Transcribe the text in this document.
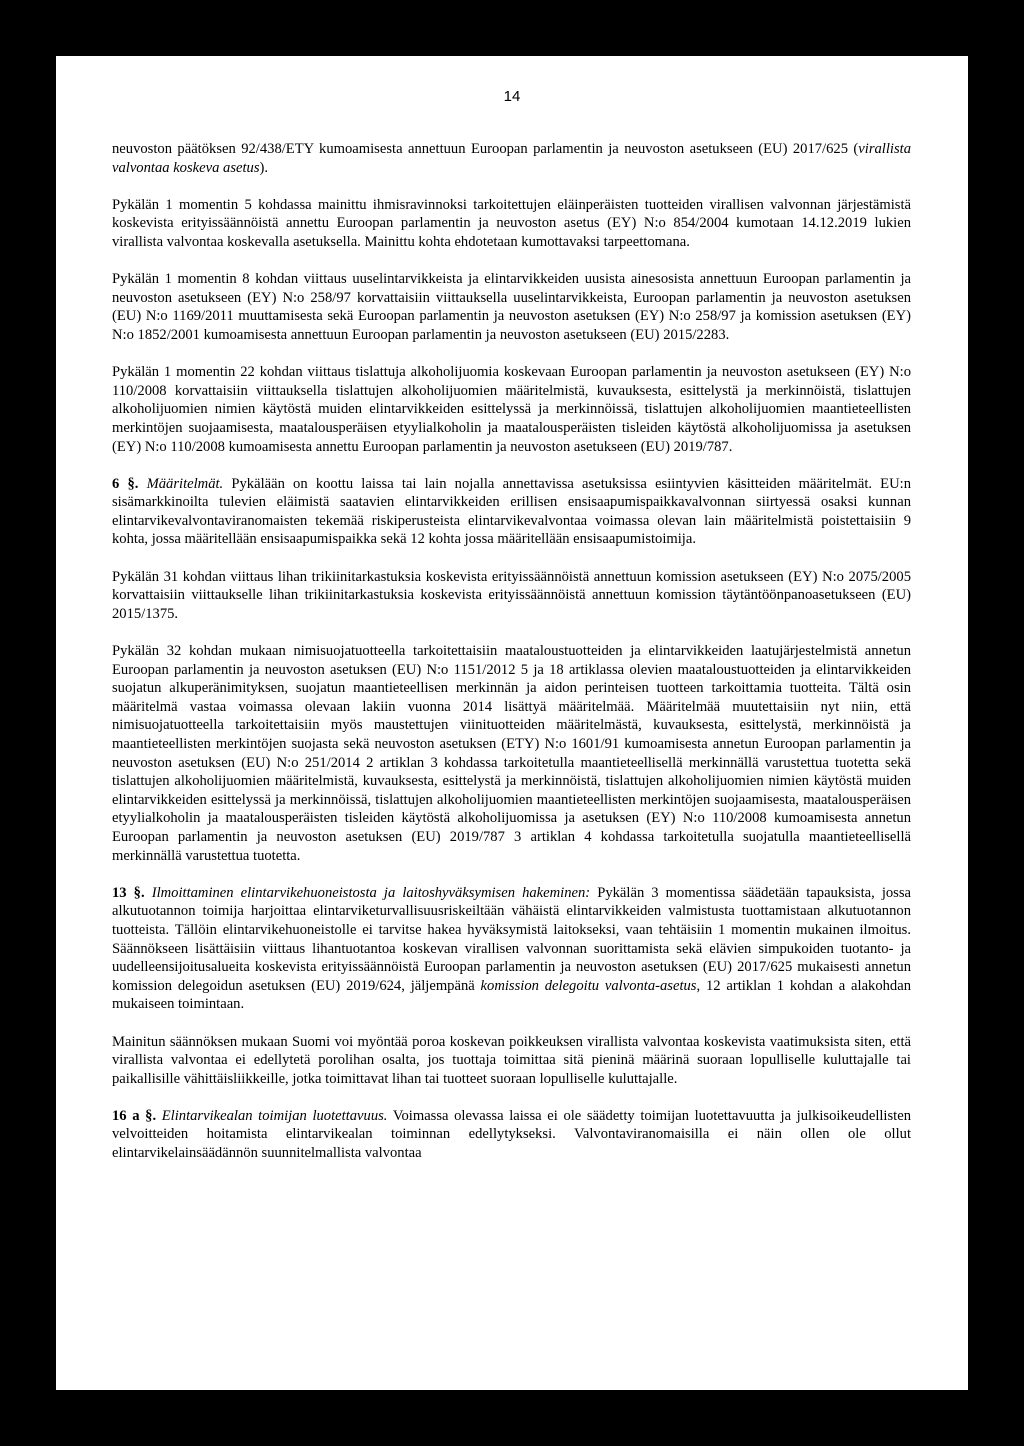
14

neuvoston päätöksen 92/438/ETY kumoamisesta annettuun Euroopan parlamentin ja neuvoston asetukseen (EU) 2017/625 (virallista valvontaa koskeva asetus).

Pykälän 1 momentin 5 kohdassa mainittu ihmisravinnoksi tarkoitettujen eläinperäisten tuotteiden virallisen valvonnan järjestämistä koskevista erityissäännöistä annettu Euroopan parlamentin ja neuvoston asetus (EY) N:o 854/2004 kumotaan 14.12.2019 lukien virallista valvontaa koskevalla asetuksella. Mainittu kohta ehdotetaan kumottavaksi tarpeettomana.

Pykälän 1 momentin 8 kohdan viittaus uuselintarvikkeista ja elintarvikkeiden uusista ainesosista annettuun Euroopan parlamentin ja neuvoston asetukseen (EY) N:o 258/97 korvattaisiin viittauksella uuselintarvikkeista, Euroopan parlamentin ja neuvoston asetuksen (EU) N:o 1169/2011 muuttamisesta sekä Euroopan parlamentin ja neuvoston asetuksen (EY) N:o 258/97 ja komission asetuksen (EY) N:o 1852/2001 kumoamisesta annettuun Euroopan parlamentin ja neuvoston asetukseen (EU) 2015/2283.

Pykälän 1 momentin 22 kohdan viittaus tislattuja alkoholijuomia koskevaan Euroopan parlamentin ja neuvoston asetukseen (EY) N:o 110/2008 korvattaisiin viittauksella tislattujen alkoholijuomien määritelmistä, kuvauksesta, esittelystä ja merkinnöistä, tislattujen alkoholijuomien nimien käytöstä muiden elintarvikkeiden esittelyssä ja merkinnöissä, tislattujen alkoholijuomien maantieteellisten merkintöjen suojaamisesta, maatalousperäisen etyylialkoholin ja maatalousperäisten tisleiden käytöstä alkoholijuomissa ja asetuksen (EY) N:o 110/2008 kumoamisesta annettu Euroopan parlamentin ja neuvoston asetukseen (EU) 2019/787.

6 §. Määritelmät. Pykälään on koottu laissa tai lain nojalla annettavissa asetuksissa esiintyvien käsitteiden määritelmät. EU:n sisämarkkinoilta tulevien eläimistä saatavien elintarvikkeiden erillisen ensisaapumispaikkavalvonnan siirtyessä osaksi kunnan elintarvikevalvontaviranomaisten tekemää riskiperusteista elintarvikevalvontaa voimassa olevan lain määritelmistä poistettaisiin 9 kohta, jossa määritellään ensisaapumispaikka sekä 12 kohta jossa määritellään ensisaapumistoimija.

Pykälän 31 kohdan viittaus lihan trikiinitarkastuksia koskevista erityissäännöistä annettuun komission asetukseen (EY) N:o 2075/2005 korvattaisiin viittaukselle lihan trikiinitarkastuksia koskevista erityissäännöistä annettuun komission täytäntöönpanoasetukseen (EU) 2015/1375.

Pykälän 32 kohdan mukaan nimisuojatuotteella tarkoitettaisiin maataloustuotteiden ja elintarvikkeiden laatujärjestelmistä annetun Euroopan parlamentin ja neuvoston asetuksen (EU) N:o 1151/2012 5 ja 18 artiklassa olevien maataloustuotteiden ja elintarvikkeiden suojatun alkuperänimityksen, suojatun maantieteellisen merkinnän ja aidon perinteisen tuotteen tarkoittamia tuotteita. Tältä osin määritelmä vastaa voimassa olevaan lakiin vuonna 2014 lisättyä määritelmää. Määritelmää muutettaisiin nyt niin, että nimisuojatuotteella tarkoitettaisiin myös maustettujen viinituotteiden määritelmästä, kuvauksesta, esittelystä, merkinnöistä ja maantieteellisten merkintöjen suojasta sekä neuvoston asetuksen (ETY) N:o 1601/91 kumoamisesta annetun Euroopan parlamentin ja neuvoston asetuksen (EU) N:o 251/2014 2 artiklan 3 kohdassa tarkoitetulla maantieteellisellä merkinnällä varustettua tuotetta sekä tislattujen alkoholijuomien määritelmistä, kuvauksesta, esittelystä ja merkinnöistä, tislattujen alkoholijuomien nimien käytöstä muiden elintarvikkeiden esittelyssä ja merkinnöissä, tislattujen alkoholijuomien maantieteellisten merkintöjen suojaamisesta, maatalousperäisen etyylialkoholin ja maatalousperäisten tisleiden käytöstä alkoholijuomissa ja asetuksen (EY) N:o 110/2008 kumoamisesta annetun Euroopan parlamentin ja neuvoston asetuksen (EU) 2019/787 3 artiklan 4 kohdassa tarkoitetulla suojatulla maantieteellisellä merkinnällä varustettua tuotetta.

13 §. Ilmoittaminen elintarvikehuoneistosta ja laitoshyväksymisen hakeminen: Pykälän 3 momentissa säädetään tapauksista, jossa alkutuotannon toimija harjoittaa elintarviketurvallisuusriskeiltään vähäistä elintarvikkeiden valmistusta tuottamistaan alkutuotannon tuotteista. Tällöin elintarvikehuoneistolle ei tarvitse hakea hyväksymistä laitokseksi, vaan tehtäisiin 1 momentin mukainen ilmoitus. Säännökseen lisättäisiin viittaus lihantuotantoa koskevan virallisen valvonnan suorittamista sekä elävien simpukoiden tuotanto- ja uudelleensijoitusalueita koskevista erityissäännöistä Euroopan parlamentin ja neuvoston asetuksen (EU) 2017/625 mukaisesti annetun komission delegoidun asetuksen (EU) 2019/624, jäljempänä komission delegoitu valvonta-asetus, 12 artiklan 1 kohdan a alakohdan mukaiseen toimintaan.

Mainitun säännöksen mukaan Suomi voi myöntää poroa koskevan poikkeuksen virallista valvontaa koskevista vaatimuksista siten, että virallista valvontaa ei edellytetä porolihan osalta, jos tuottaja toimittaa sitä pieninä määrinä suoraan lopulliselle kuluttajalle tai paikallisille vähittäisliikkeille, jotka toimittavat lihan tai tuotteet suoraan lopulliselle kuluttajalle.

16 a §. Elintarvikealan toimijan luotettavuus. Voimassa olevassa laissa ei ole säädetty toimijan luotettavuutta ja julkisoikeudellisten velvoitteiden hoitamista elintarvikealan toiminnan edellytykseksi. Valvontaviranomaisilla ei näin ollen ole ollut elintarvikelainsäädännön suunnitelmallista valvontaa
